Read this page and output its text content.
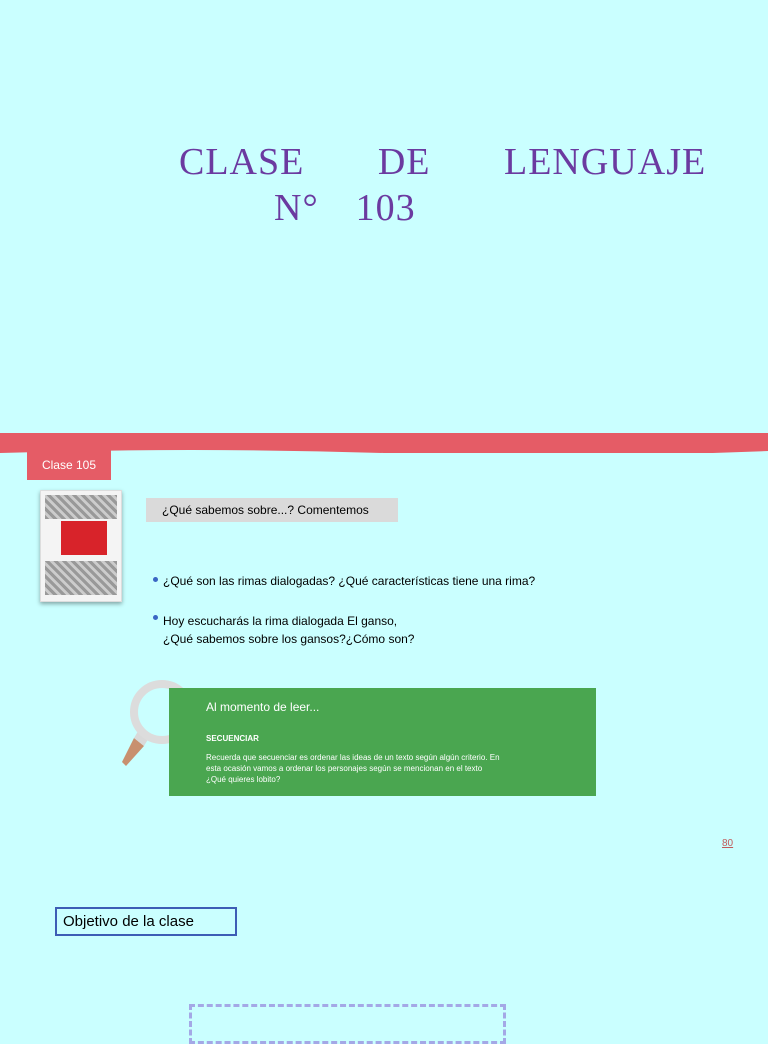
CLASE   DE   LENGUAJE
N°  103
Clase 105
¿Qué sabemos sobre...? Comentemos
¿Qué son las rimas dialogadas? ¿Qué características tiene una rima?
Hoy escucharás la rima dialogada El ganso,
¿Qué sabemos sobre los gansos?¿Cómo son?
Al momento de leer...
SECUENCIAR
Recuerda que secuenciar es ordenar las ideas de un texto según algún criterio. En
esta ocasión vamos a ordenar los personajes según se mencionan en el texto
¿Qué quieres lobito?
80
Objetivo de la clase
